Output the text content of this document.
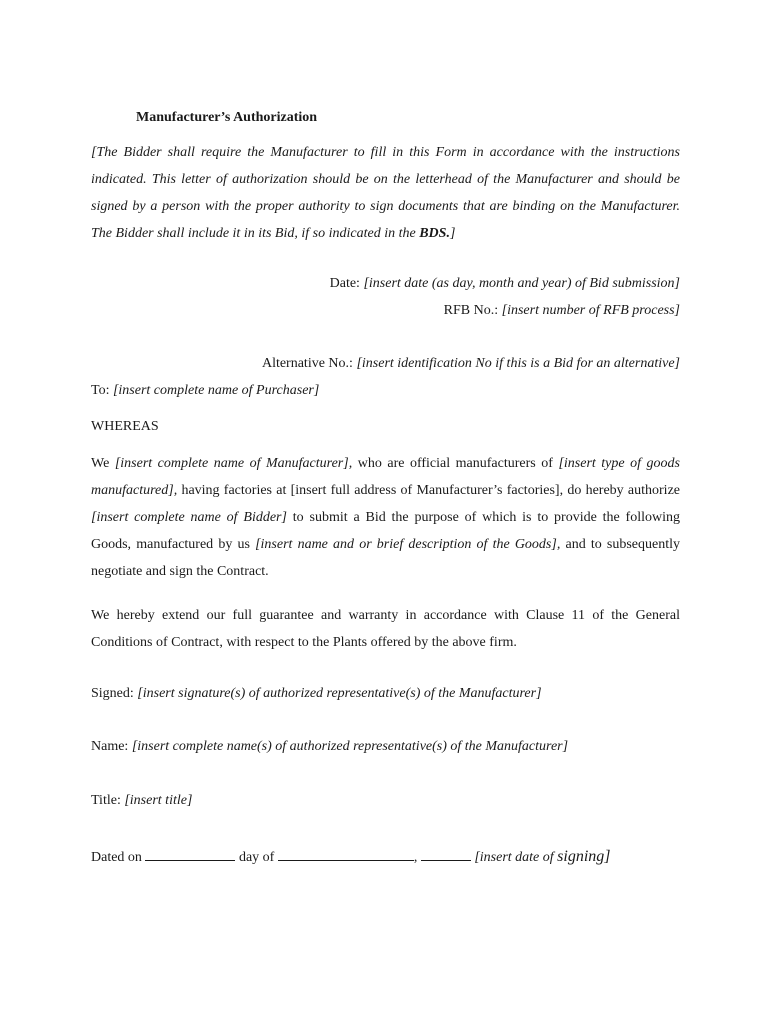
Manufacturer’s Authorization
[The Bidder shall require the Manufacturer to fill in this Form in accordance with the instructions indicated. This letter of authorization should be on the letterhead of the Manufacturer and should be signed by a person with the proper authority to sign documents that are binding on the Manufacturer. The Bidder shall include it in its Bid, if so indicated in the BDS.]
Date: [insert date (as day, month and year) of Bid submission]
RFB No.: [insert number of RFB process]
Alternative No.: [insert identification No if this is a Bid for an alternative]
To: [insert complete name of Purchaser]
WHEREAS
We [insert complete name of Manufacturer], who are official manufacturers of [insert type of goods manufactured], having factories at [insert full address of Manufacturer’s factories], do hereby authorize [insert complete name of Bidder] to submit a Bid the purpose of which is to provide the following Goods, manufactured by us [insert name and or brief description of the Goods], and to subsequently negotiate and sign the Contract.
We hereby extend our full guarantee and warranty in accordance with Clause 11 of the General Conditions of Contract, with respect to the Plants offered by the above firm.
Signed: [insert signature(s) of authorized representative(s) of the Manufacturer]
Name: [insert complete name(s) of authorized representative(s) of the Manufacturer]
Title: [insert title]
Dated on	day of	,	[insert date of signing]
